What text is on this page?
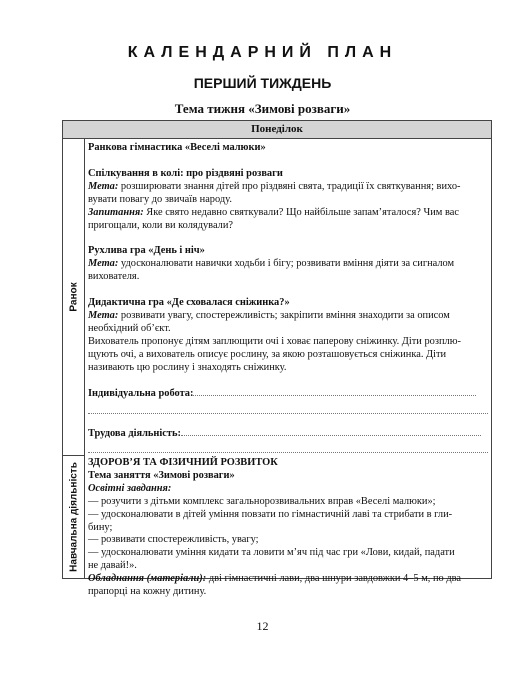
КАЛЕНДАРНИЙ ПЛАН
ПЕРШИЙ ТИЖДЕНЬ
Тема тижня «Зимові розваги»
Понеділок
Ранок
Навчальна діяльність

Ранкова гімнастика «Веселі малюки»

Спілкування в колі: про різдвяні розваги

Мета: розширювати знання дітей про різдвяні свята, традиції їх святкування; вихо-

вувати повагу до звичаїв народу.

Запитання: Яке свято недавно святкували? Що найбільше запам’яталося? Чим вас

пригощали, коли ви колядували?

Рухлива гра «День і ніч»

Мета: удосконалювати навички ходьби і бігу; розвивати вміння діяти за сигналом

вихователя.

Дидактична гра «Де сховалася сніжинка?»

Мета: розвивати увагу, спостережливість; закріпити вміння знаходити за описом

необхідний об’єкт.

Вихователь пропонує дітям заплющити очі і ховає паперову сніжинку. Діти розплю-

щують очі, а вихователь описує рослину, за якою розташовується сніжинка. Діти

називають цю рослину і знаходять сніжинку.

Індивідуальна робота:

Трудова діяльність:

ЗДОРОВ’Я ТА ФІЗИЧНИЙ РОЗВИТОК

Тема заняття «Зимові розваги»

Освітні завдання:

— розучити з дітьми комплекс загальнорозвивальних вправ «Веселі малюки»;

— удосконалювати в дітей уміння повзати по гімнастичній лаві та стрибати в гли-

бину;

— розвивати спостережливість, увагу;

— удосконалювати уміння кидати та ловити м’яч під час гри «Лови, кидай, падати

не давай!».

Обладнання (матеріали): дві гімнастичні лави, два шнури завдовжки 4–5 м, по два

прапорці на кожну дитину.

12
